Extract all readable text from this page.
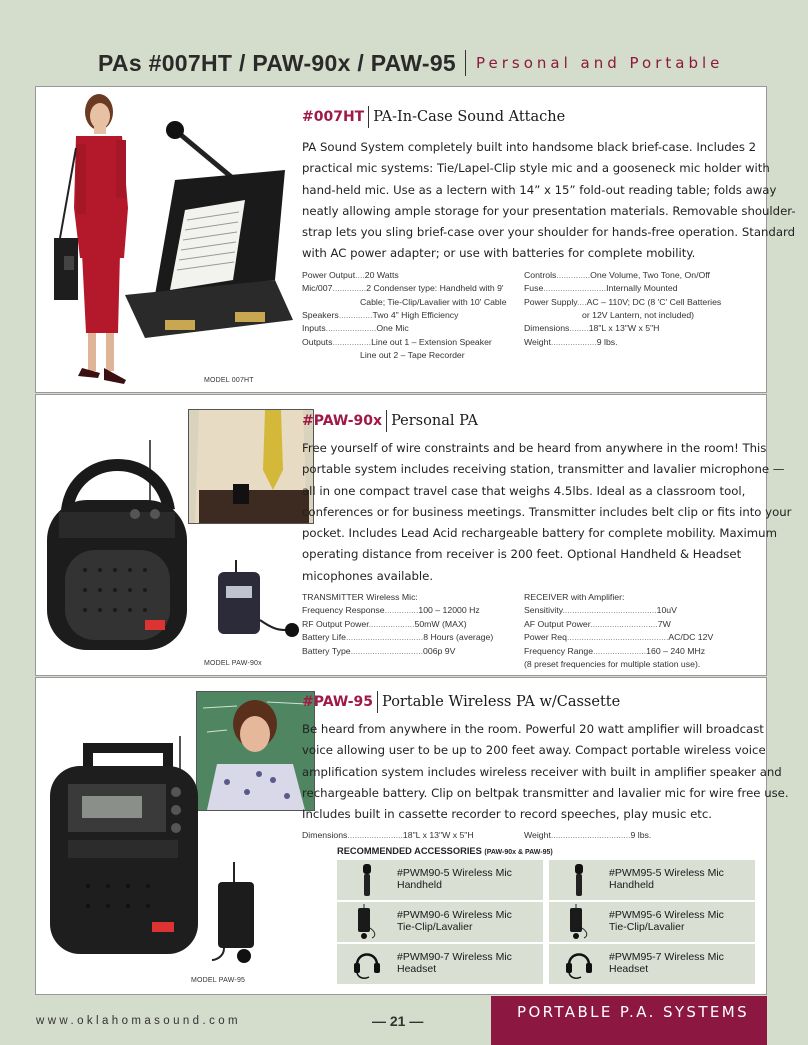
PAs #007HT / PAW-90x / PAW-95 Personal and Portable
MODEL 007HT
MODEL PAW-90x
MODEL PAW-95
#007HT PA-In-Case Sound Attache
PA Sound System completely built into handsome black brief-case. Includes 2 practical mic systems: Tie/Lapel-Clip style mic and a gooseneck mic holder with hand-held mic. Use as a lectern with 14” x 15” fold-out reading table; folds away neatly allowing ample storage for your presentation materials. Removable shoulder-strap lets you sling brief-case over your shoulder for hands-free operation. Standard with AC power adapter; or use with batteries for complete mobility.
Power Output....20 Watts
Mic/007..............2 Condenser type: Handheld with 9'
Cable; Tie-Clip/Lavalier with 10' Cable
Speakers..............Two 4" High Efficiency
Inputs.....................One Mic
Outputs................Line out 1 – Extension Speaker
Line out 2 – Tape Recorder
Controls..............One Volume, Two Tone, On/Off
Fuse..........................Internally Mounted
Power Supply....AC – 110V; DC (8 'C' Cell Batteries
or 12V Lantern, not included)
Dimensions........18"L x 13"W x 5"H
Weight...................9 lbs.
#PAW-90x Personal PA
Free yourself of wire constraints and be heard from anywhere in the room! This portable system includes receiving station, transmitter and lavalier microphone — all in one compact travel case that weighs 4.5lbs. Ideal as a classroom tool, conferences or for business meetings. Transmitter includes belt clip or fits into your pocket. Includes Lead Acid rechargeable battery for complete mobility. Maximum operating distance from receiver is 200 feet. Optional Handheld & Headset micophones available.
TRANSMITTER Wireless Mic:
Frequency Response..............100 – 12000 Hz
RF Output Power...................50mW (MAX)
Battery Life................................8 Hours (average)
Battery Type..............................006p 9V
RECEIVER with Amplifier:
Sensitivity.......................................10uV
AF Output Power............................7W
Power Req..........................................AC/DC 12V
Frequency Range......................160 – 240 MHz
(8 preset frequencies for multiple station use).
#PAW-95 Portable Wireless PA w/Cassette
Be heard from anywhere in the room. Powerful 20 watt amplifier will broadcast voice allowing user to be up to 200 feet away. Compact portable wireless voice amplification system includes wireless receiver with built in amplifier speaker and rechargeable battery. Clip on beltpak transmitter and lavalier mic for wire free use. Includes built in cassette recorder to record speeches, play music etc.
Dimensions.......................18"L x 13"W x 5"H	Weight.................................9 lbs.
RECOMMENDED ACCESSORIES (PAW-90x & PAW-95)
#PWM90-5 Wireless Mic
Handheld
#PWM95-5 Wireless Mic
Handheld
#PWM90-6 Wireless Mic
Tie-Clip/Lavalier
#PWM95-6 Wireless Mic
Tie-Clip/Lavalier
#PWM90-7 Wireless Mic
Headset
#PWM95-7 Wireless Mic
Headset
www.oklahomasound.com	— 21 —	PORTABLE P.A. SYSTEMS
